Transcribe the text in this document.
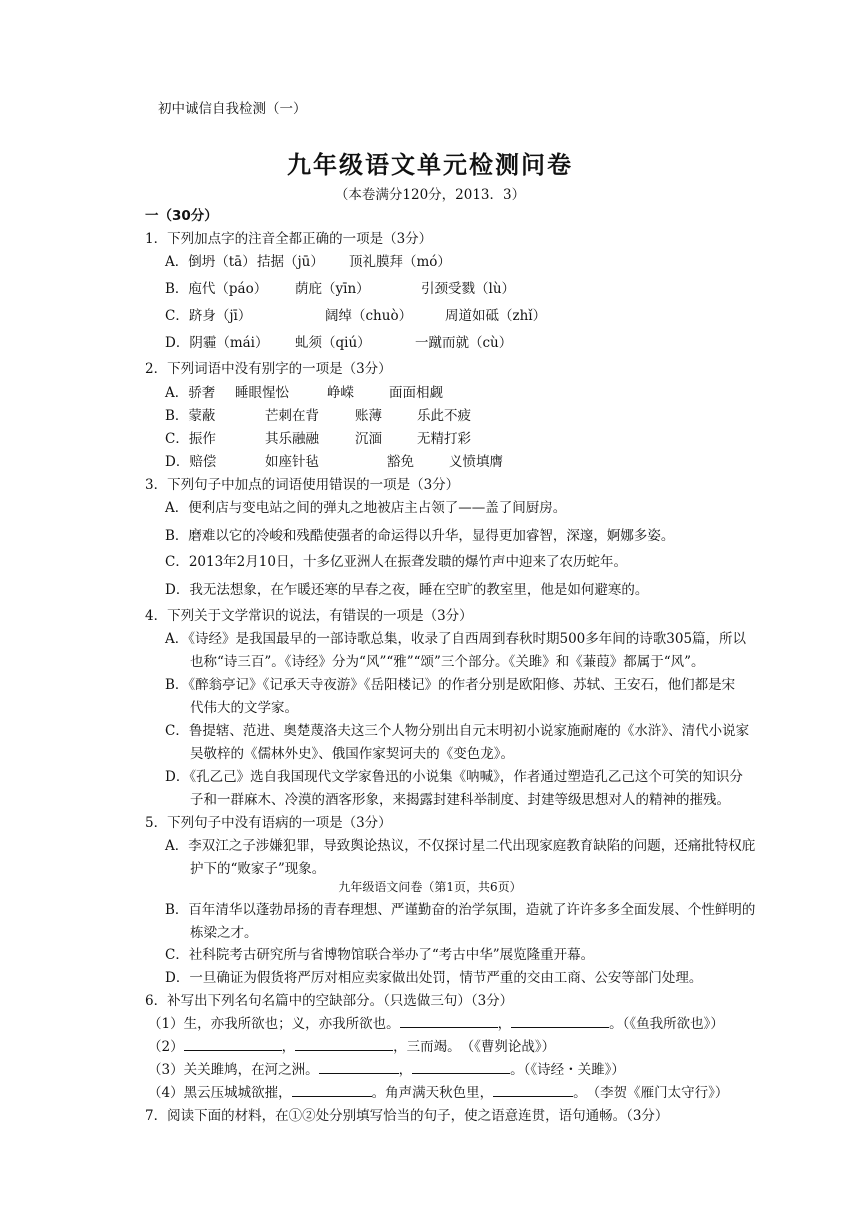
初中诚信自我检测（一）
九年级语文单元检测问卷
（本卷满分120分，2013．3）
一（30分）
1．下列加点字的注音全都正确的一项是（3分）
A．倒坍（tā）拮据（jū） 顶礼膜拜（mó）
B．庖代（páo） 荫庇（yīn）	引颈受戮（lù）
C．跻身（jī）	阔绰（chuò） 周道如砥（zhǐ）
D．阴霾（mái） 虬须（qiú）	一蹴而就（cù）
2．下列词语中没有别字的一项是（3分）
A．骄奢 睡眼惺忪	峥嵘	面面相觑
B．蒙蔽	芒刺在背	账薄	乐此不疲
C．振作	其乐融融	沉湎	无精打彩
D．赔偿	如座针毡	豁免	义愤填膺
3．下列句子中加点的词语使用错误的一项是（3分）
A．便利店与变电站之间的弹丸之地被店主占领了——盖了间厨房。
B．磨难以它的冷峻和残酷使强者的命运得以升华，显得更加睿智，深邃，婀娜多姿。
C．2013年2月10日，十多亿亚洲人在振聋发聩的爆竹声中迎来了农历蛇年。
D．我无法想象，在乍暖还寒的早春之夜，睡在空旷的教室里，他是如何避寒的。
4．下列关于文学常识的说法，有错误的一项是（3分）
A．《诗经》是我国最早的一部诗歌总集，收录了自西周到春秋时期500多年间的诗歌305篇，所以
也称“诗三百”。《诗经》分为“风”“雅”“颂”三个部分。《关雎》和《蒹葭》都属于“风”。
B．《醉翁亭记》《记承天寺夜游》《岳阳楼记》的作者分别是欧阳修、苏轼、王安石，他们都是宋
代伟大的文学家。
C．鲁提辖、范进、奥楚蔑洛夫这三个人物分别出自元末明初小说家施耐庵的《水浒》、清代小说家
吴敬梓的《儒林外史》、俄国作家契诃夫的《变色龙》。
D．《孔乙己》选自我国现代文学家鲁迅的小说集《呐喊》，作者通过塑造孔乙己这个可笑的知识分
子和一群麻木、冷漠的酒客形象，来揭露封建科举制度、封建等级思想对人的精神的摧残。
5．下列句子中没有语病的一项是（3分）
A．李双江之子涉嫌犯罪，导致舆论热议，不仅探讨星二代出现家庭教育缺陷的问题，还痛批特权庇
护下的“败家子”现象。
九年级语文问卷（第1页，共6页）
B．百年清华以蓬勃昂扬的青春理想、严谨勤奋的治学氛围，造就了许许多多全面发展、个性鲜明的
栋梁之才。
C．社科院考古研究所与省博物馆联合举办了“考古中华”展览隆重开幕。
D．一旦确证为假货将严厉对相应卖家做出处罚，情节严重的交由工商、公安等部门处理。
6．补写出下列名句名篇中的空缺部分。（只选做三句）（3分）
（1）生，亦我所欲也；义，亦我所欲也。	，	。（《鱼我所欲也》）
（2）	，	，三而竭。　（《曹刿论战》）
（3）关关雎鸠，在河之洲。	，	。（《诗经・关雎》）
（4）黑云压城城欲摧，	。角声满天秋色里，	。　（李贺《雁门太守行》）
7．阅读下面的材料，在①②处分别填写恰当的句子，使之语意连贯，语句通畅。（3分）
